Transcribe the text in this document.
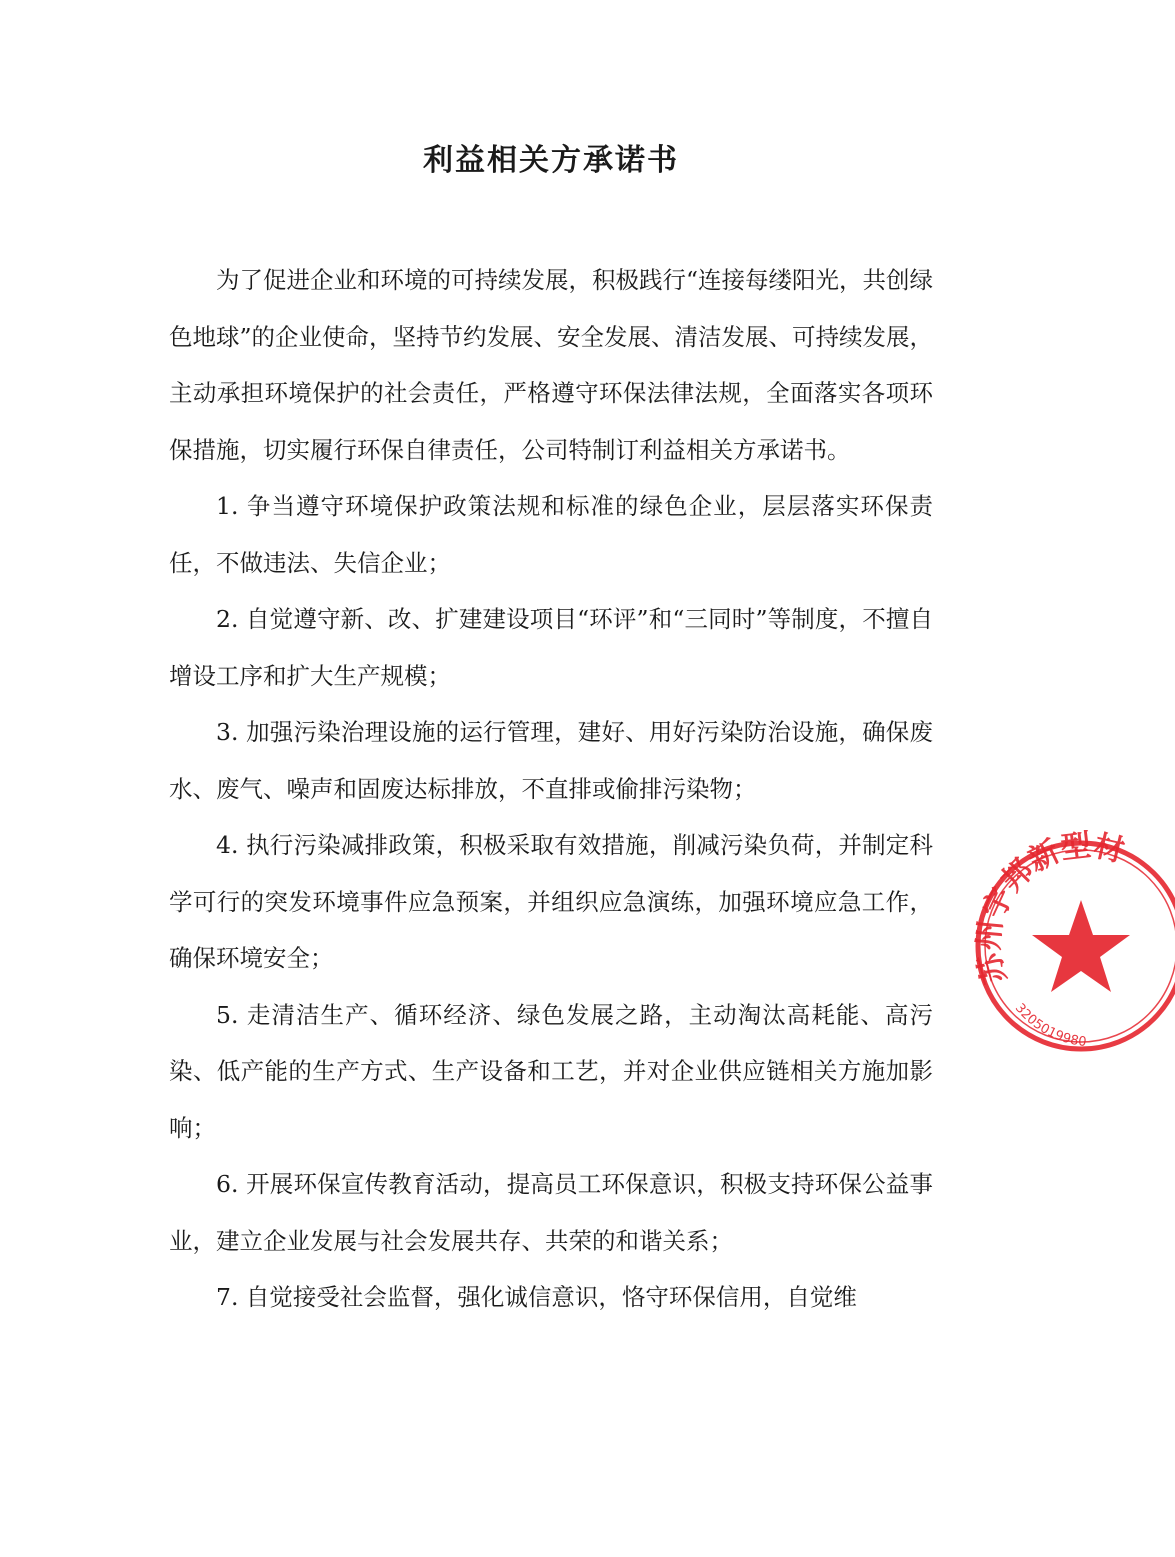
利益相关方承诺书

为了促进企业和环境的可持续发展，积极践行“连接每缕阳光，共创绿色地球”的企业使命，坚持节约发展、安全发展、清洁发展、可持续发展，主动承担环境保护的社会责任，严格遵守环保法律法规，全面落实各项环保措施，切实履行环保自律责任，公司特制订利益相关方承诺书。

1. 争当遵守环境保护政策法规和标准的绿色企业，层层落实环保责任，不做违法、失信企业；

2. 自觉遵守新、改、扩建建设项目“环评”和“三同时”等制度，不擅自增设工序和扩大生产规模；

3. 加强污染治理设施的运行管理，建好、用好污染防治设施，确保废水、废气、噪声和固废达标排放，不直排或偷排污染物；

4. 执行污染减排政策，积极采取有效措施，削减污染负荷，并制定科学可行的突发环境事件应急预案，并组织应急演练，加强环境应急工作，确保环境安全；

5. 走清洁生产、循环经济、绿色发展之路，主动淘汰高耗能、高污染、低产能的生产方式、生产设备和工艺，并对企业供应链相关方施加影响；

6. 开展环保宣传教育活动，提高员工环保意识，积极支持环保公益事业，建立企业发展与社会发展共存、共荣的和谐关系；

7. 自觉接受社会监督，强化诚信意识，恪守环保信用，自觉维

苏州宇邦新型材
3205019980
